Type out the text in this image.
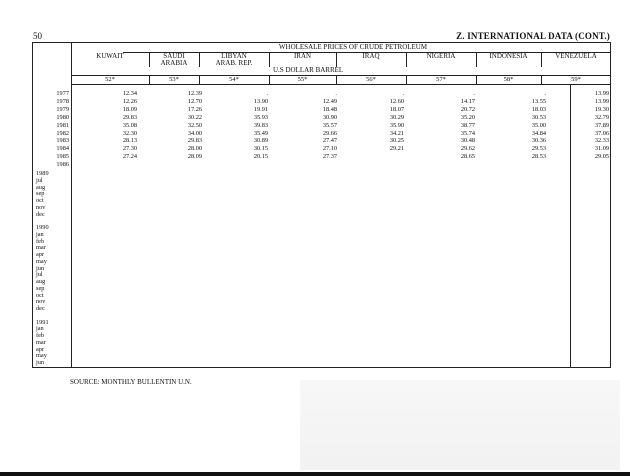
50	Z. INTERNATIONAL DATA (CONT.)
WHOLESALE PRICES OF CRUDE PETROLEUM
U.S DOLLAR BARREL
KUWAIT
52*
12.34
12.26
18.09
29.83
35.08
32.30
28.13
27.30
27.24
SAUDI
ARABIA
53*
12.39
12.70
17.26
30.22
32.50
34.00
29.83
28.00
28.09
LIBYAN
ARAB. REP.
54*
.
13.90
19.91
35.93
39.83
35.49
30.89
30.15
20.15
IRAN
55*
.
12.49
18.48
30.90
35.57
29.66
27.47
27.10
27.37
IRAQ
56*
.
12.60
18.07
30.29
35.90
34.21
30.25
29.21
NIGERIA
57*
.
14.17
20.72
35.20
38.77
35.74
30.48
29.62
28.65
INDONESIA
58*
.
13.55
18.03
30.53
35.00
34.84
30.36
29.53
28.53
VENEZUELA
59*
13.99
13.99
19.30
32.79
37.89
37.06
32.33
31.09
29.05
1977
1978
1979
1980
1981
1982
1983
1984
1985
1986
1989
jul
aug
sep
oct
nov
dec
1990
jan
feb
mar
apr
may
jun
jul
aug
sep
oct
nov
dec
1991
jan
feb
mar
apr
may
jun
SOURCE: MONTHLY BULLENTIN U.N.
